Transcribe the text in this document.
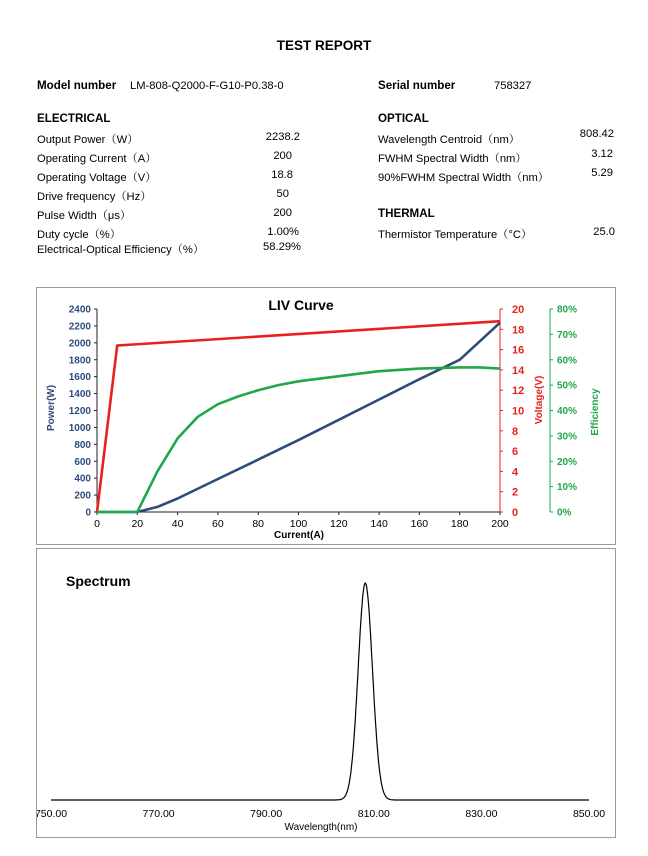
TEST REPORT
Model number LM-808-Q2000-F-G10-P0.38-0	Serial number	758327
ELECTRICAL
Output Power（W）	2238.2
Operating Current（A）	200
Operating Voltage（V）	18.8
Drive frequency（Hz）	50
Pulse Width（μs）	200
Duty cycle（%）	1.00%
Electrical-Optical Efficiency（%）	58.29%
OPTICAL
Wavelength Centroid（nm）	808.42
FWHM Spectral Width（nm）	3.12
90%FWHM Spectral Width（nm）	5.29
THERMAL
Thermistor Temperature（°C）	25.0
LIV Curve
0
200
400
600
800
1000
1200
1400
1600
1800
2000
2200
2400
0
2
4
6
8
10
12
14
16
18
20
0%
10%
20%
30%
40%
50%
60%
70%
80%
0	20	40	60	80 100 120 140 160 180 200
Current(A)
Power(W)	Voltage(V)	Efficiency
Spectrum
750.00	770.00	790.00	810.00	830.00	850.00
Wavelength(nm)
